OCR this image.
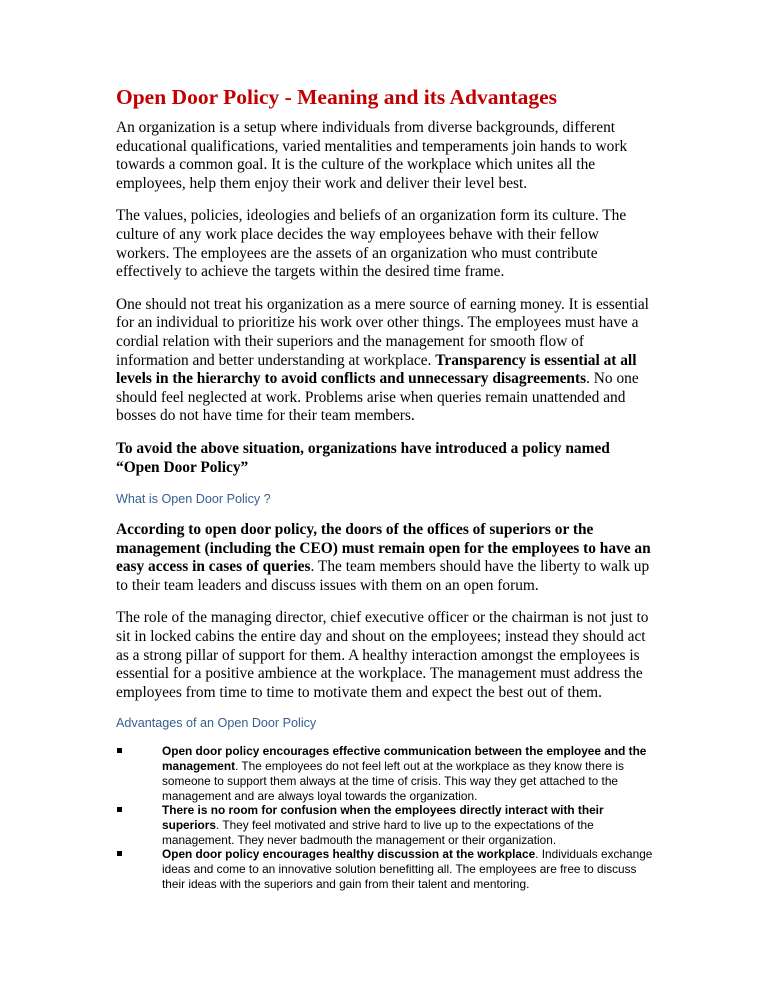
Open Door Policy - Meaning and its Advantages

An organization is a setup where individuals from diverse backgrounds, different educational qualifications, varied mentalities and temperaments join hands to work towards a common goal. It is the culture of the workplace which unites all the employees, help them enjoy their work and deliver their level best.

The values, policies, ideologies and beliefs of an organization form its culture. The culture of any work place decides the way employees behave with their fellow workers. The employees are the assets of an organization who must contribute effectively to achieve the targets within the desired time frame.

One should not treat his organization as a mere source of earning money. It is essential for an individual to prioritize his work over other things. The employees must have a cordial relation with their superiors and the management for smooth flow of information and better understanding at workplace. Transparency is essential at all levels in the hierarchy to avoid conflicts and unnecessary disagreements. No one should feel neglected at work. Problems arise when queries remain unattended and bosses do not have time for their team members.

To avoid the above situation, organizations have introduced a policy named “Open Door Policy”

What is Open Door Policy ?

According to open door policy, the doors of the offices of superiors or the management (including the CEO) must remain open for the employees to have an easy access in cases of queries. The team members should have the liberty to walk up to their team leaders and discuss issues with them on an open forum.

The role of the managing director, chief executive officer or the chairman is not just to sit in locked cabins the entire day and shout on the employees; instead they should act as a strong pillar of support for them. A healthy interaction amongst the employees is essential for a positive ambience at the workplace. The management must address the employees from time to time to motivate them and expect the best out of them.

Advantages of an Open Door Policy
Open door policy encourages effective communication between the employee and the management. The employees do not feel left out at the workplace as they know there is someone to support them always at the time of crisis. This way they get attached to the management and are always loyal towards the organization.
There is no room for confusion when the employees directly interact with their superiors. They feel motivated and strive hard to live up to the expectations of the management. They never badmouth the management or their organization.
Open door policy encourages healthy discussion at the workplace. Individuals exchange ideas and come to an innovative solution benefitting all. The employees are free to discuss their ideas with the superiors and gain from their talent and mentoring.
